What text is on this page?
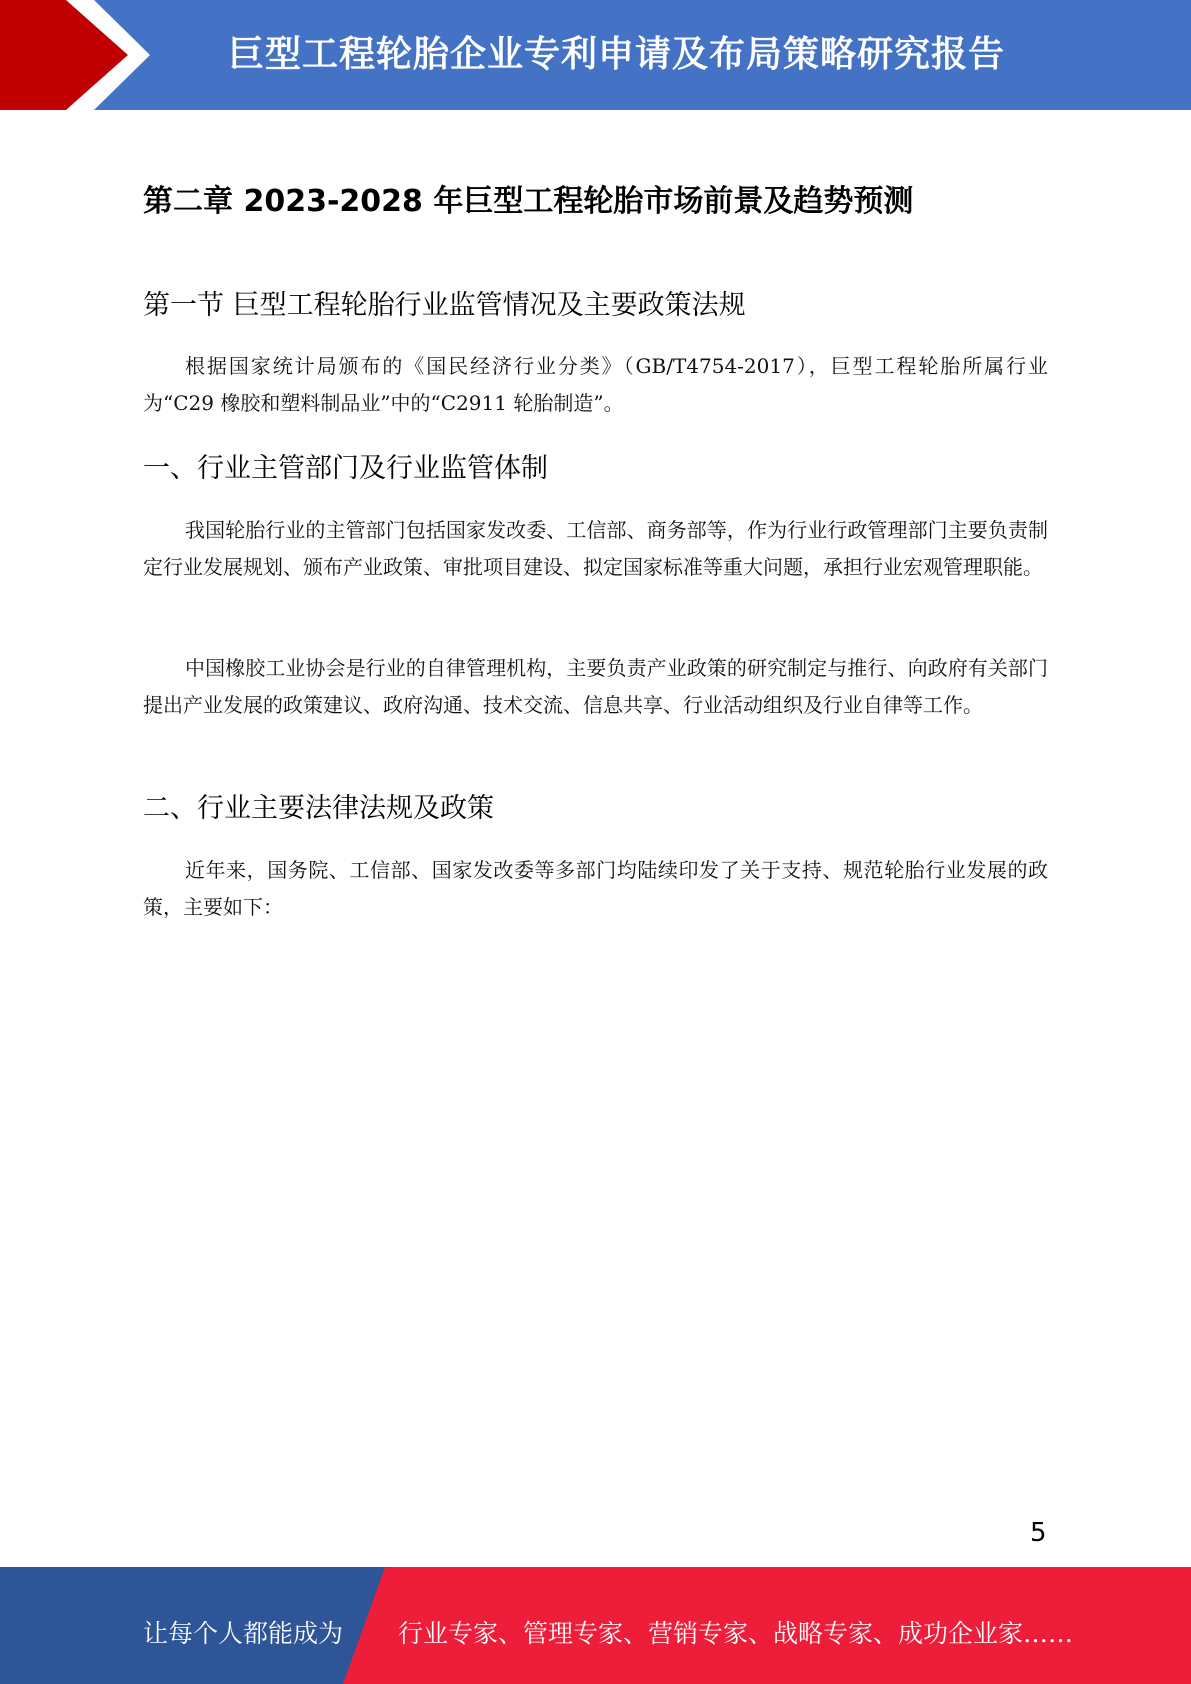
巨型工程轮胎企业专利申请及布局策略研究报告
第二章 2023-2028 年巨型工程轮胎市场前景及趋势预测
第一节 巨型工程轮胎行业监管情况及主要政策法规
根据国家统计局颁布的《国民经济行业分类》（GB/T4754-2017），巨型工程轮胎所属行业为“C29 橡胶和塑料制品业”中的“C2911 轮胎制造”。
一、行业主管部门及行业监管体制
我国轮胎行业的主管部门包括国家发改委、工信部、商务部等，作为行业行政管理部门主要负责制定行业发展规划、颁布产业政策、审批项目建设、拟定国家标准等重大问题，承担行业宏观管理职能。
中国橡胶工业协会是行业的自律管理机构，主要负责产业政策的研究制定与推行、向政府有关部门提出产业发展的政策建议、政府沟通、技术交流、信息共享、行业活动组织及行业自律等工作。
二、行业主要法律法规及政策
近年来，国务院、工信部、国家发改委等多部门均陆续印发了关于支持、规范轮胎行业发展的政策，主要如下：
5
让每个人都能成为 行业专家、管理专家、营销专家、战略专家、成功企业家……
